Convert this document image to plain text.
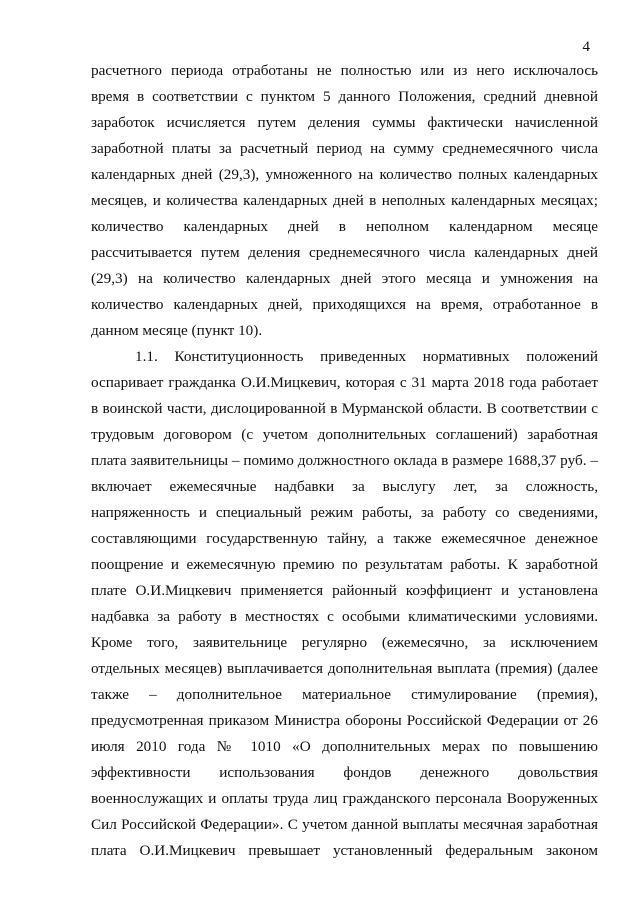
4
расчетного периода отработаны не полностью или из него исключалось
время в соответствии с пунктом 5 данного Положения, средний дневной
заработок исчисляется путем деления суммы фактически начисленной
заработной платы за расчетный период на сумму среднемесячного числа
календарных дней (29,3), умноженного на количество полных календарных
месяцев, и количества календарных дней в неполных календарных месяцах;
количество календарных дней в неполном календарном месяце
рассчитывается путем деления среднемесячного числа календарных дней
(29,3) на количество календарных дней этого месяца и умножения на
количество календарных дней, приходящихся на время, отработанное в
данном месяце (пункт 10).
1.1. Конституционность приведенных нормативных положений
оспаривает гражданка О.И.Мицкевич, которая с 31 марта 2018 года работает
в воинской части, дислоцированной в Мурманской области. В соответствии с
трудовым договором (с учетом дополнительных соглашений) заработная
плата заявительницы – помимо должностного оклада в размере 1688,37 руб. –
включает ежемесячные надбавки за выслугу лет, за сложность,
напряженность и специальный режим работы, за работу со сведениями,
составляющими государственную тайну, а также ежемесячное денежное
поощрение и ежемесячную премию по результатам работы. К заработной
плате О.И.Мицкевич применяется районный коэффициент и установлена
надбавка за работу в местностях с особыми климатическими условиями.
Кроме того, заявительнице регулярно (ежемесячно, за исключением
отдельных месяцев) выплачивается дополнительная выплата (премия) (далее
также – дополнительное материальное стимулирование (премия),
предусмотренная приказом Министра обороны Российской Федерации от 26
июля 2010 года № 1010 «О дополнительных мерах по повышению
эффективности использования фондов денежного довольствия
военнослужащих и оплаты труда лиц гражданского персонала Вооруженных
Сил Российской Федерации». С учетом данной выплаты месячная заработная
плата О.И.Мицкевич превышает установленный федеральным законом
